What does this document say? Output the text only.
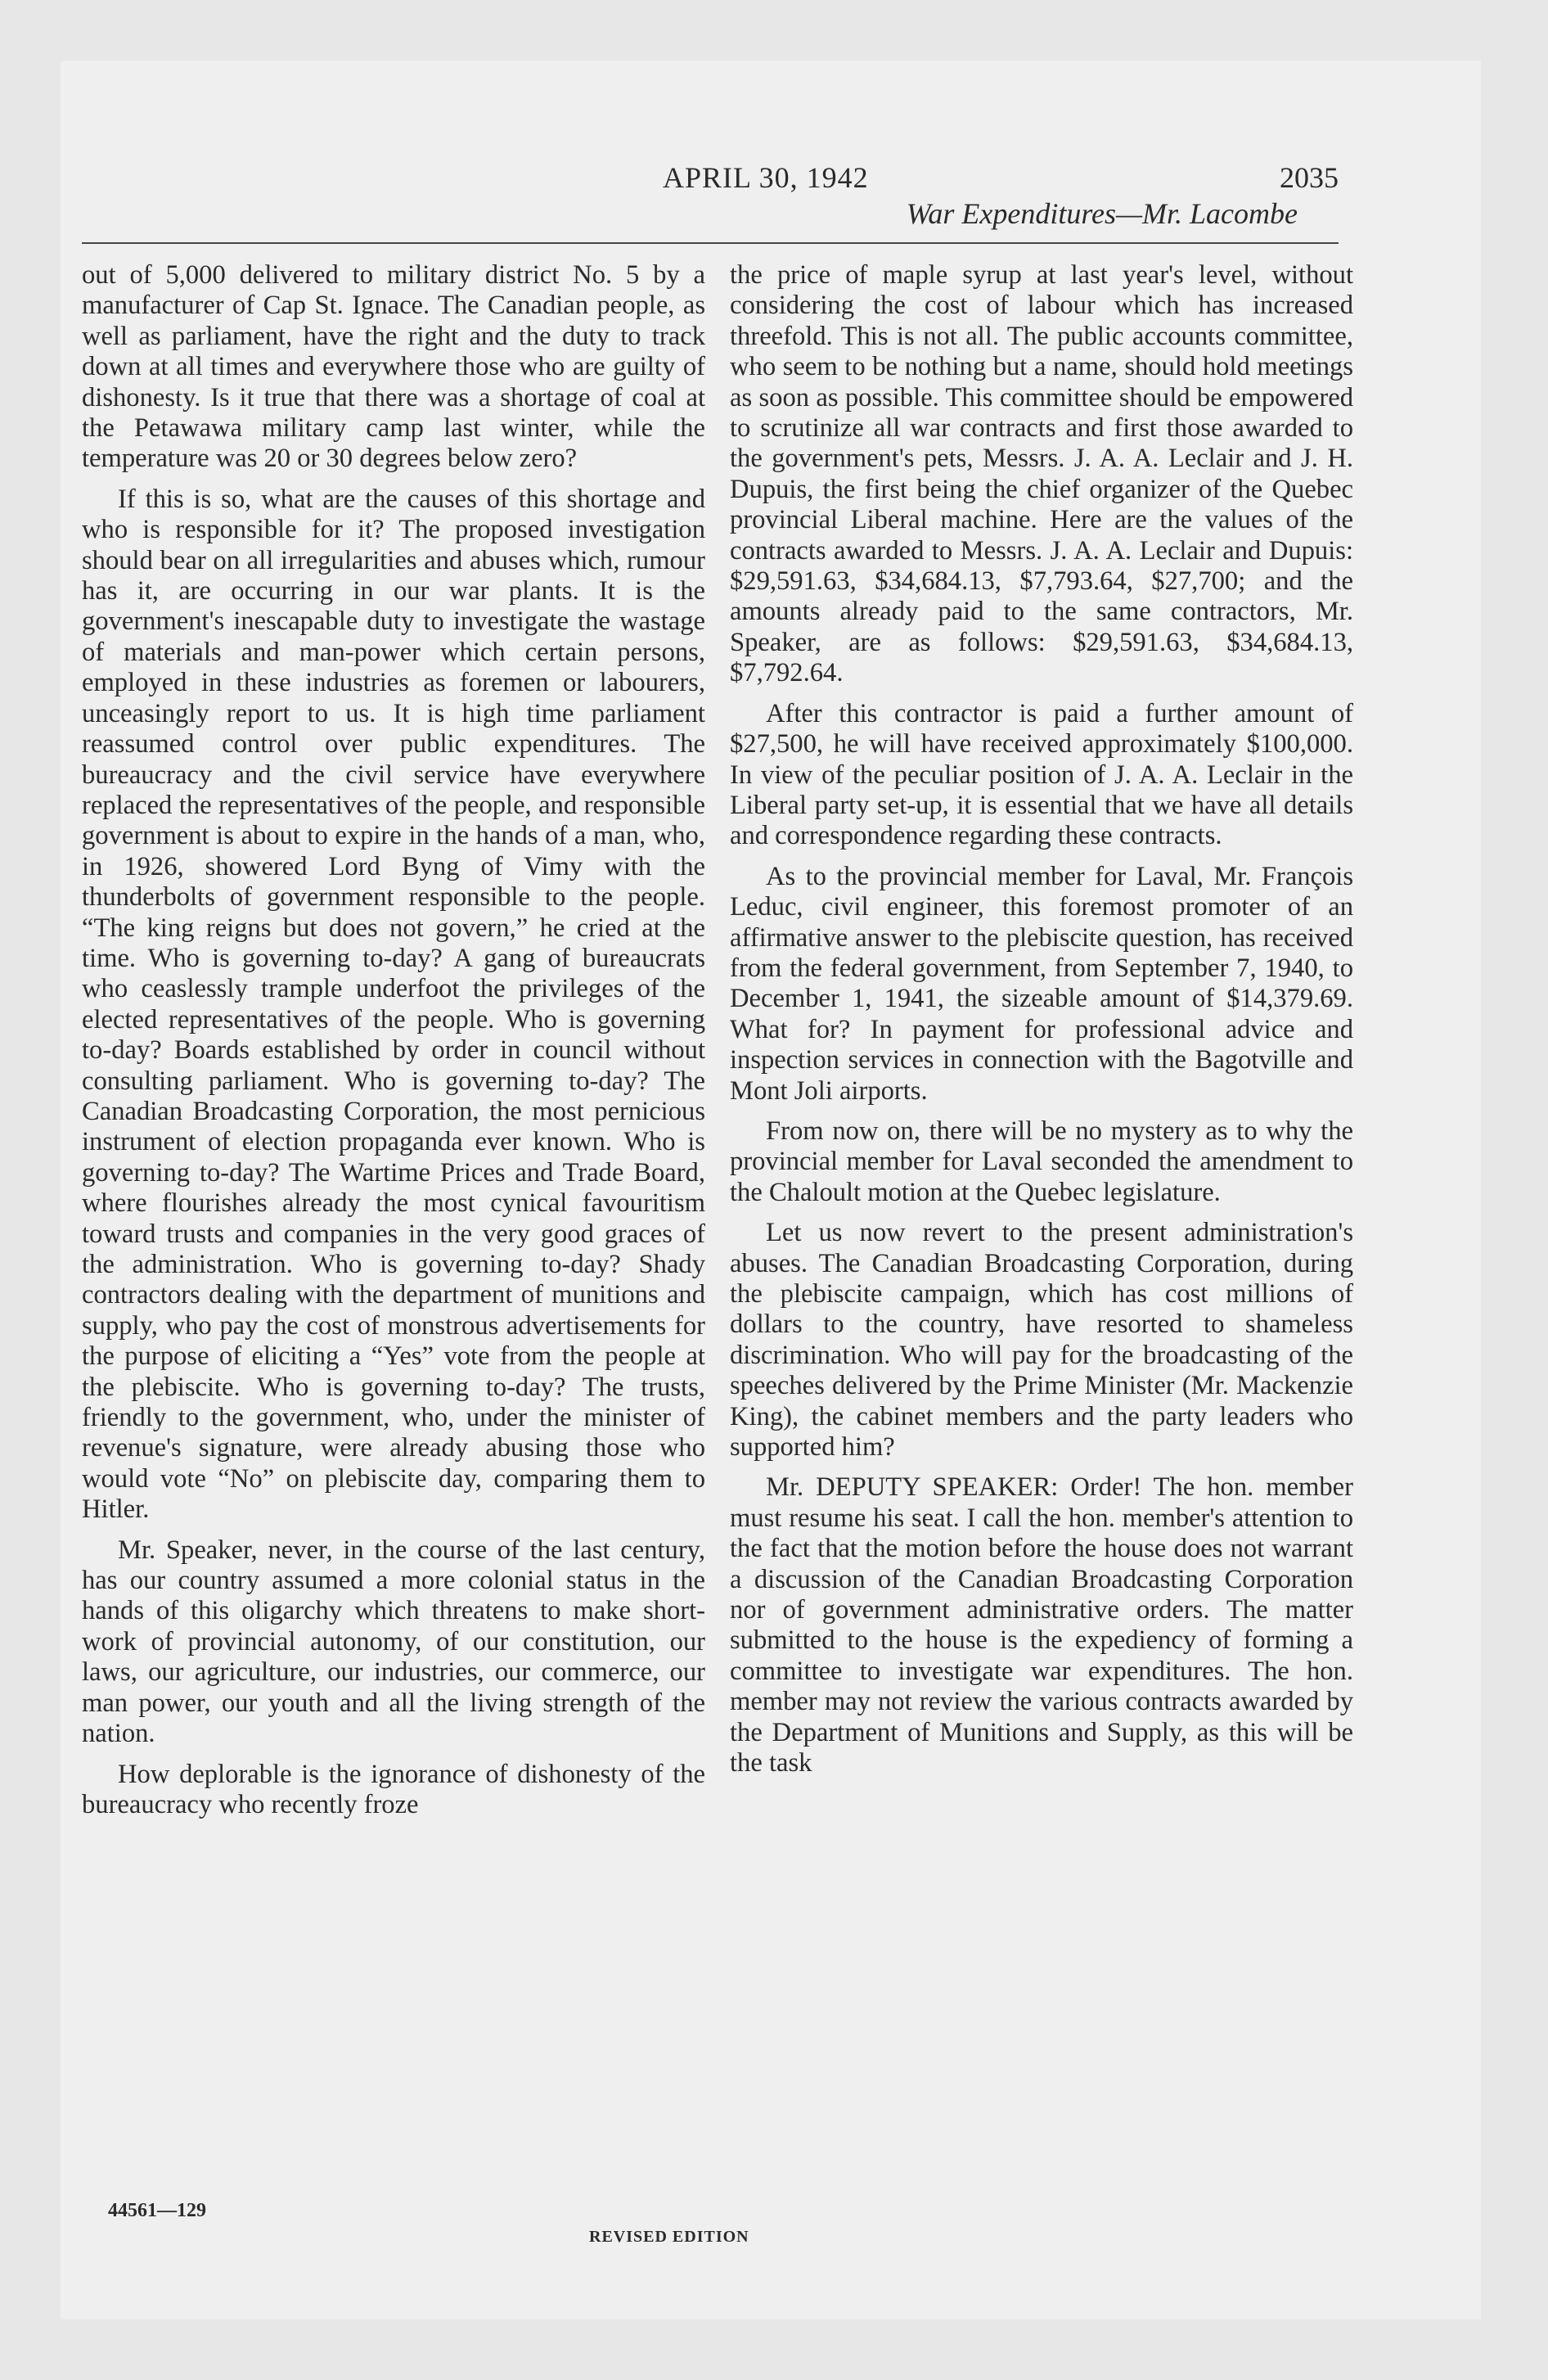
APRIL 30, 1942	2035
War Expenditures—Mr. Lacombe

out of 5,000 delivered to military district No. 5 by a manufacturer of Cap St. Ignace. The Canadian people, as well as parliament, have the right and the duty to track down at all times and everywhere those who are guilty of dishonesty. Is it true that there was a shortage of coal at the Petawawa military camp last winter, while the temperature was 20 or 30 degrees below zero?

If this is so, what are the causes of this shortage and who is responsible for it? The proposed investigation should bear on all irregularities and abuses which, rumour has it, are occurring in our war plants. It is the government's inescapable duty to investigate the wastage of materials and man-power which certain persons, employed in these industries as foremen or labourers, unceasingly report to us. It is high time parliament reassumed control over public expenditures. The bureaucracy and the civil service have everywhere replaced the representatives of the people, and responsible government is about to expire in the hands of a man, who, in 1926, showered Lord Byng of Vimy with the thunderbolts of government responsible to the people. “The king reigns but does not govern,” he cried at the time. Who is governing to-day? A gang of bureaucrats who ceaslessly trample underfoot the privileges of the elected representatives of the people. Who is governing to-day? Boards established by order in council without consulting parliament. Who is governing to-day? The Canadian Broadcasting Corporation, the most pernicious instrument of election propaganda ever known. Who is governing to-day? The Wartime Prices and Trade Board, where flourishes already the most cynical favouritism toward trusts and companies in the very good graces of the administration. Who is governing to-day? Shady contractors dealing with the department of munitions and supply, who pay the cost of monstrous advertisements for the purpose of eliciting a “Yes” vote from the people at the plebiscite. Who is governing to-day? The trusts, friendly to the government, who, under the minister of revenue's signature, were already abusing those who would vote “No” on plebiscite day, comparing them to Hitler.

Mr. Speaker, never, in the course of the last century, has our country assumed a more colonial status in the hands of this oligarchy which threatens to make short-work of provincial autonomy, of our constitution, our laws, our agriculture, our industries, our commerce, our man power, our youth and all the living strength of the nation.

How deplorable is the ignorance of dishonesty of the bureaucracy who recently froze

the price of maple syrup at last year's level, without considering the cost of labour which has increased threefold. This is not all. The public accounts committee, who seem to be nothing but a name, should hold meetings as soon as possible. This committee should be empowered to scrutinize all war contracts and first those awarded to the government's pets, Messrs. J. A. A. Leclair and J. H. Dupuis, the first being the chief organizer of the Quebec provincial Liberal machine. Here are the values of the contracts awarded to Messrs. J. A. A. Leclair and Dupuis: $29,591.63, $34,684.13, $7,793.64, $27,700; and the amounts already paid to the same contractors, Mr. Speaker, are as follows: $29,591.63, $34,684.13, $7,792.64.

After this contractor is paid a further amount of $27,500, he will have received approximately $100,000. In view of the peculiar position of J. A. A. Leclair in the Liberal party set-up, it is essential that we have all details and correspondence regarding these contracts.

As to the provincial member for Laval, Mr. François Leduc, civil engineer, this foremost promoter of an affirmative answer to the plebiscite question, has received from the federal government, from September 7, 1940, to December 1, 1941, the sizeable amount of $14,379.69. What for? In payment for professional advice and inspection services in connection with the Bagotville and Mont Joli airports.

From now on, there will be no mystery as to why the provincial member for Laval seconded the amendment to the Chaloult motion at the Quebec legislature.

Let us now revert to the present administration's abuses. The Canadian Broadcasting Corporation, during the plebiscite campaign, which has cost millions of dollars to the country, have resorted to shameless discrimination. Who will pay for the broadcasting of the speeches delivered by the Prime Minister (Mr. Mackenzie King), the cabinet members and the party leaders who supported him?

Mr. DEPUTY SPEAKER: Order! The hon. member must resume his seat. I call the hon. member's attention to the fact that the motion before the house does not warrant a discussion of the Canadian Broadcasting Corporation nor of government administrative orders. The matter submitted to the house is the expediency of forming a committee to investigate war expenditures. The hon. member may not review the various contracts awarded by the Department of Munitions and Supply, as this will be the task

44561—129
REVISED EDITION
